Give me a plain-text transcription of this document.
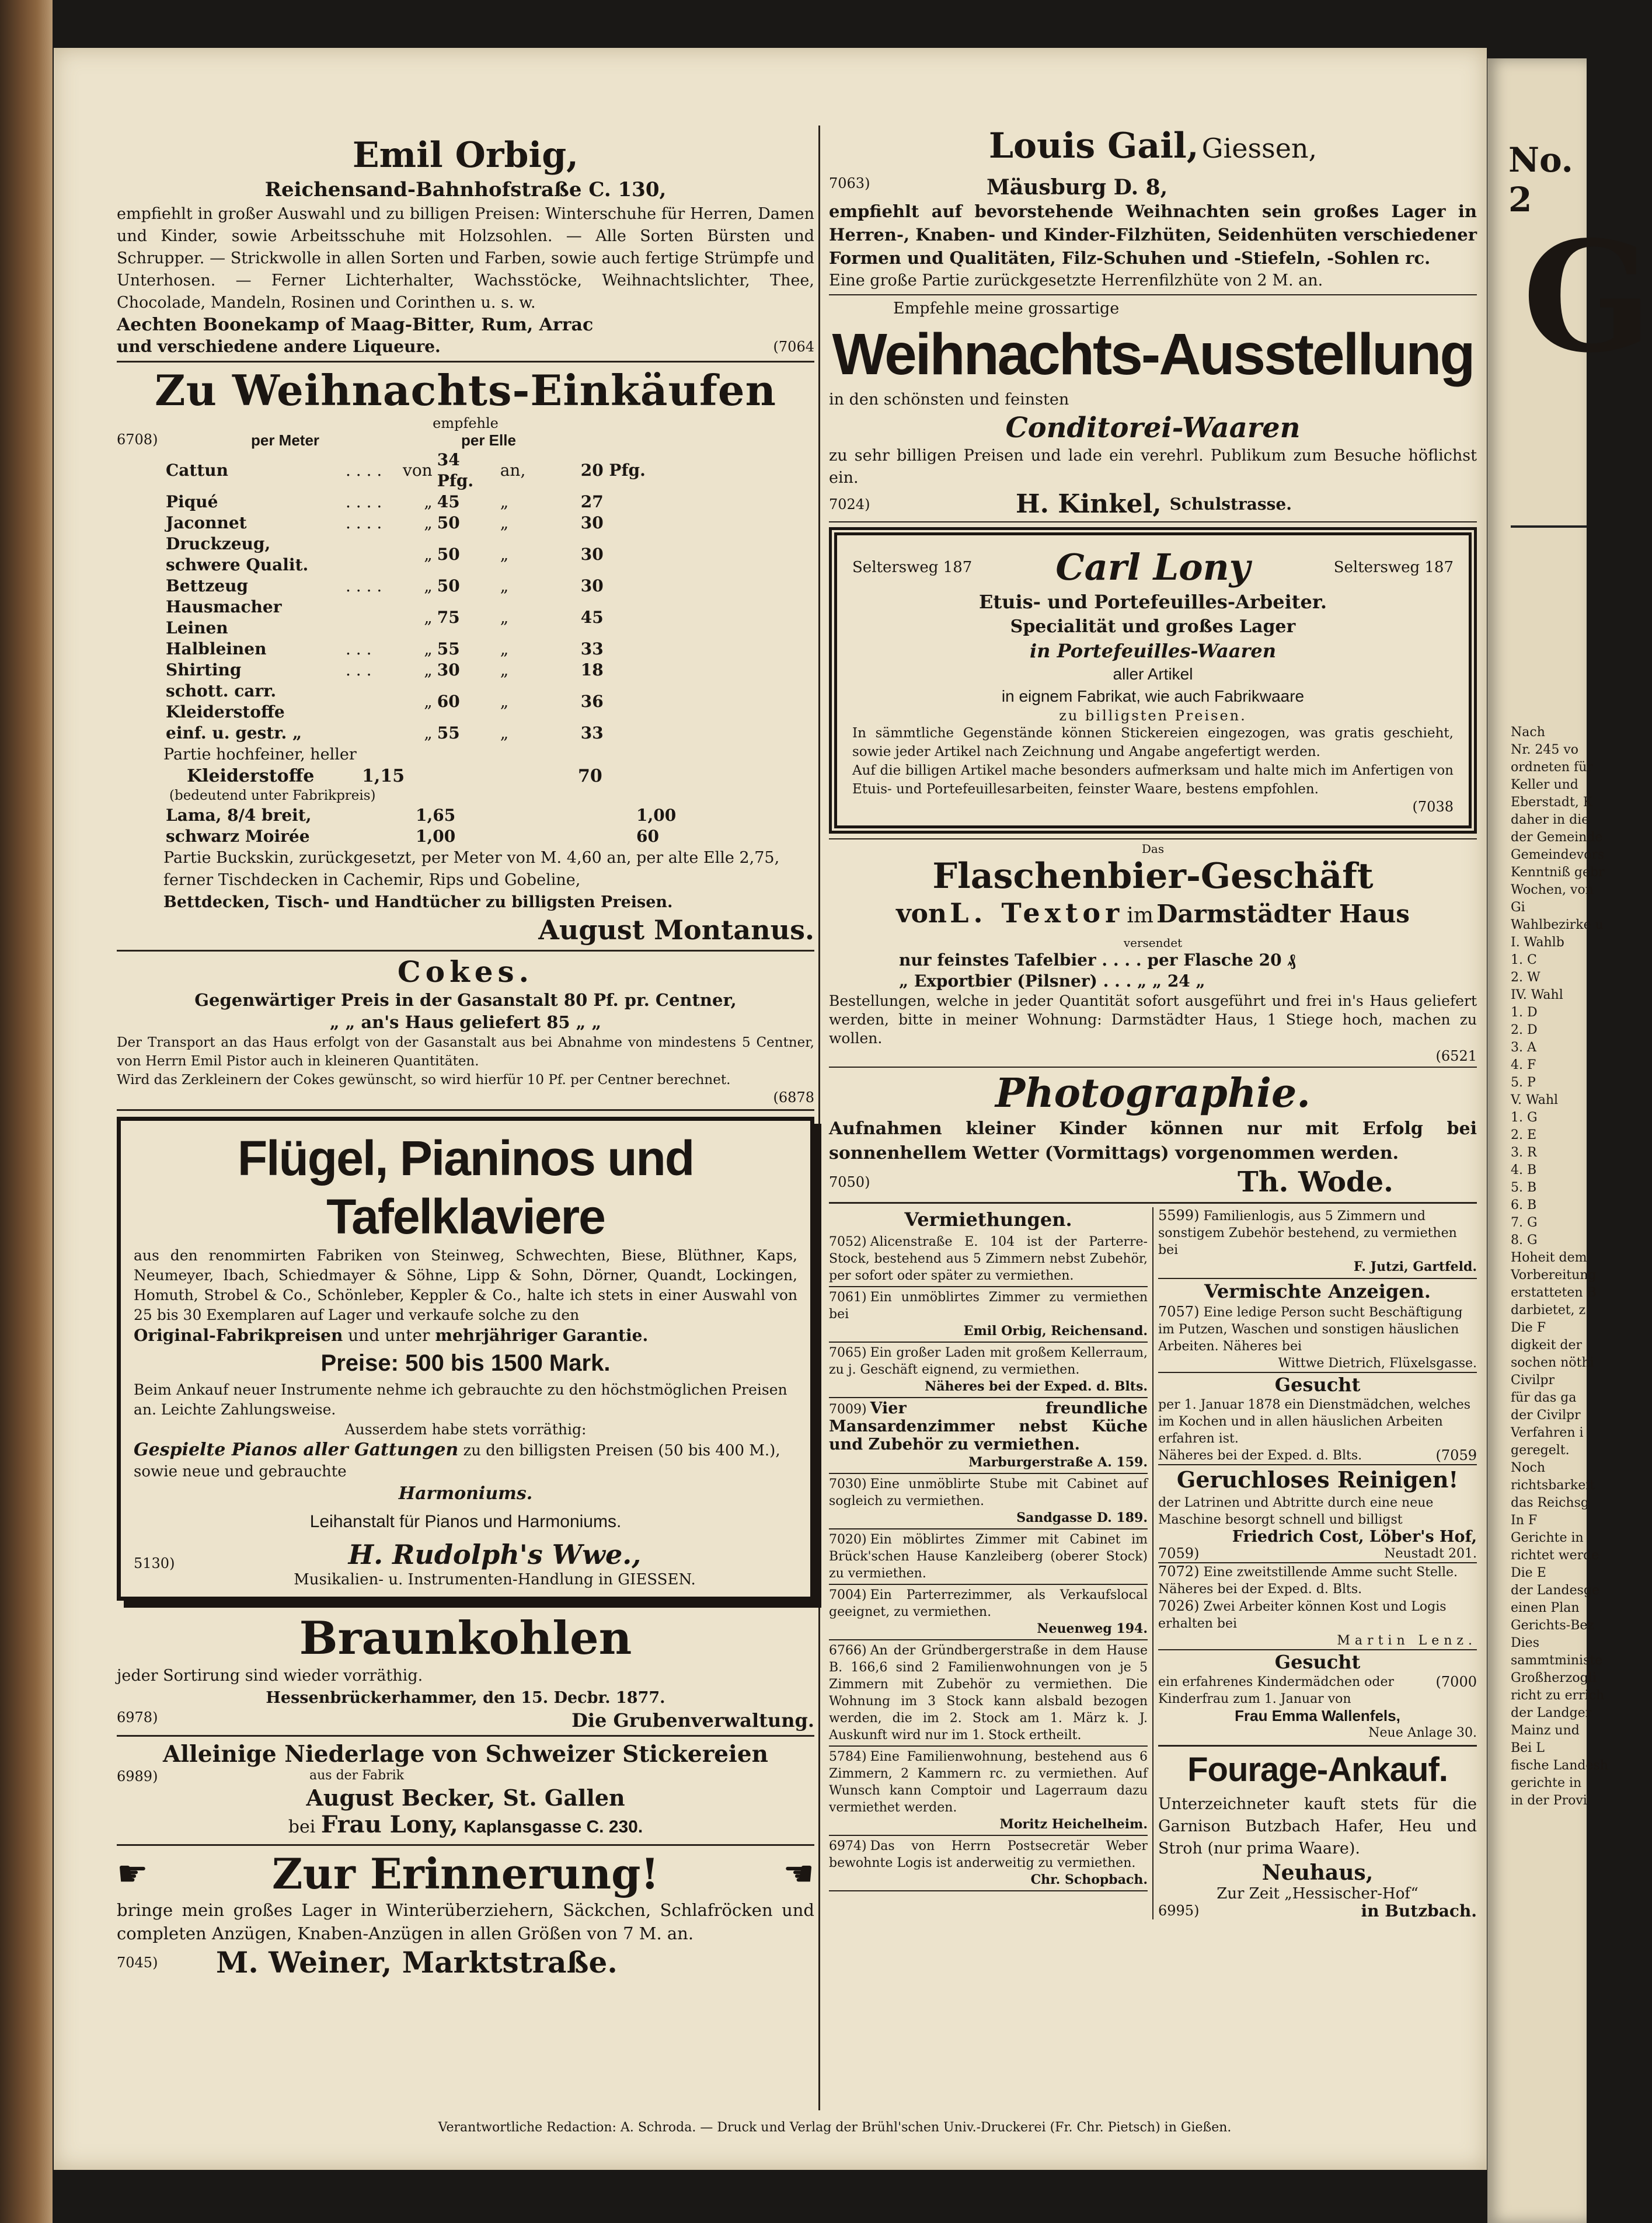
No. 2
G
Nach
Nr. 245 vo
ordneten für
Keller und
Eberstadt, K
daher in die
der Gemeinde
Gemeindevors
Kenntniß gebr
Wochen, von
Gi
Wahlbezirke u
I. Wahlb
1. C
2. W
IV. Wahl
1. D
2. D
3. A
4. F
5. P
V. Wahl
1. G
2. E
3. R
4. B
5. B
6. B
7. G
8. G
Hoheit dem
Vorbereitung
erstatteten B
darbietet, z
Die F
digkeit der
sochen nöthi
Civilpr
für das ga
der Civilpr
Verfahren i
geregelt.
Noch
richtsbarkeit
das Reichsg
In F
Gerichte in
richtet werde
Die E
der Landesge
einen Plan
Gerichts-Bez
Dies
sammtministe
Großherzogli
richt zu errich
der Landger
Mainz und
Bei L
fische Landesh
gerichte in
in der Provi
Emil Orbig,
Reichensand-Bahnhofstraße C. 130,
empfiehlt in großer Auswahl und zu billigen Preisen: Winterschuhe für Herren, Damen und Kinder, sowie Arbeitsschuhe mit Holzsohlen. — Alle Sorten Bürsten und Schrupper. — Strickwolle in allen Sorten und Farben, sowie auch fertige Strümpfe und Unterhosen. — Ferner Lichterhalter, Wachsstöcke, Weihnachtslichter, Thee, Chocolade, Mandeln, Rosinen und Corinthen u. s. w.
Aechten Boonekamp of Maag-Bitter, Rum, Arrac
und verschiedene andere Liqueure.	(7064
Zu Weihnachts-Einkäufen
empfehle
6708)	per Meter	per Elle
Cattun	. . . .	von	34 Pfg.	an,	20 Pfg.
Piqué	. . . .	„	45	„	27
Jaconnet	. . . .	„	50	„	30
Druckzeug, schwere Qualit.		„	50	„	30
Bettzeug	. . . .	„	50	„	30
Hausmacher Leinen		„	75	„	45
Halbleinen	. . .	„	55	„	33
Shirting	. . .	„	30	„	18
schott. carr. Kleiderstoffe		„	60	„	36
einf. u. gestr. „		„	55	„	33
Partie hochfeiner, heller
Kleiderstoffe	1,15	70
(bedeutend unter Fabrikpreis)
Lama, 8/4 breit,	1,65	1,00
schwarz Moirée	1,00	60
Partie Buckskin, zurückgesetzt, per Meter von M. 4,60 an, per alte Elle 2,75,
ferner Tischdecken in Cachemir, Rips und Gobeline,
Bettdecken, Tisch- und Handtücher zu billigsten Preisen.
August Montanus.
Cokes.
Gegenwärtiger Preis in der Gasanstalt 80 Pf. pr. Centner,
„ „ an's Haus geliefert 85 „ „
Der Transport an das Haus erfolgt von der Gasanstalt aus bei Abnahme von mindestens 5 Centner, von Herrn Emil Pistor auch in kleineren Quantitäten.
Wird das Zerkleinern der Cokes gewünscht, so wird hierfür 10 Pf. per Centner berechnet.
(6878
Flügel, Pianinos und Tafelklaviere
aus den renommirten Fabriken von Steinweg, Schwechten, Biese, Blüthner, Kaps, Neumeyer, Ibach, Schiedmayer & Söhne, Lipp & Sohn, Dörner, Quandt, Lockingen, Homuth, Strobel & Co., Schönleber, Keppler & Co., halte ich stets in einer Auswahl von 25 bis 30 Exemplaren auf Lager und verkaufe solche zu den
Original-Fabrikpreisen und unter mehrjähriger Garantie.
Preise: 500 bis 1500 Mark.
Beim Ankauf neuer Instrumente nehme ich gebrauchte zu den höchstmöglichen Preisen an. Leichte Zahlungsweise.
Ausserdem habe stets vorräthig:
Gespielte Pianos aller Gattungen zu den billigsten Preisen (50 bis 400 M.), sowie neue und gebrauchte
Harmoniums.
Leihanstalt für Pianos und Harmoniums.
5130)	H. Rudolph's Wwe.,
Musikalien- u. Instrumenten-Handlung in GIESSEN.
Braunkohlen
jeder Sortirung sind wieder vorräthig.
Hessenbrückerhammer, den 15. Decbr. 1877.
6978)	Die Grubenverwaltung.
Alleinige Niederlage von Schweizer Stickereien
6989)	aus der Fabrik
August Becker, St. Gallen
bei Frau Lony, Kaplansgasse C. 230.
☛	Zur Erinnerung!	☚
bringe mein großes Lager in Winterüberziehern, Säckchen, Schlafröcken und completen Anzügen, Knaben-Anzügen in allen Größen von 7 M. an.
7045)	M. Weiner, Marktstraße.
Louis Gail, Giessen,
7063)	Mäusburg D. 8,
empfiehlt auf bevorstehende Weihnachten sein großes Lager in Herren-, Knaben- und Kinder-Filzhüten, Seidenhüten verschiedener Formen und Qualitäten, Filz-Schuhen und -Stiefeln, -Sohlen rc.
Eine große Partie zurückgesetzte Herrenfilzhüte von 2 M. an.
Empfehle meine grossartige
Weihnachts-Ausstellung
in den schönsten und feinsten
Conditorei-Waaren
zu sehr billigen Preisen und lade ein verehrl. Publikum zum Besuche höflichst ein.
7024)	H. Kinkel, Schulstrasse.
Seltersweg 187 Carl Lony	Seltersweg 187
Etuis- und Portefeuilles-Arbeiter.
Specialität und großes Lager
in Portefeuilles-Waaren
aller Artikel
in eignem Fabrikat, wie auch Fabrikwaare
zu billigsten Preisen.
In sämmtliche Gegenstände können Stickereien eingezogen, was gratis geschieht, sowie jeder Artikel nach Zeichnung und Angabe angefertigt werden.
Auf die billigen Artikel mache besonders aufmerksam und halte mich im Anfertigen von Etuis- und Portefeuillesarbeiten, feinster Waare, bestens empfohlen.
(7038
Das
Flaschenbier-Geschäft
von L. Textor im Darmstädter Haus
versendet
nur feinstes Tafelbier . . . . per Flasche 20 ₰
„ Exportbier (Pilsner) . . . „ „ 24 „
Bestellungen, welche in jeder Quantität sofort ausgeführt und frei in's Haus geliefert werden, bitte in meiner Wohnung: Darmstädter Haus, 1 Stiege hoch, machen zu wollen.
(6521
Photographie.
Aufnahmen kleiner Kinder können nur mit Erfolg bei sonnenhellem Wetter (Vormittags) vorgenommen werden.
7050)	Th. Wode.
Vermiethungen.
7052) Alicenstraße E. 104 ist der Parterre-Stock, bestehend aus 5 Zimmern nebst Zubehör, per sofort oder später zu vermiethen.
7061) Ein unmöblirtes Zimmer zu vermiethen bei
Emil Orbig, Reichensand.
7065) Ein großer Laden mit großem Kellerraum, zu j. Geschäft eignend, zu vermiethen.
Näheres bei der Exped. d. Blts.
7009) Vier freundliche Mansardenzimmer nebst Küche und Zubehör zu vermiethen.
Marburgerstraße A. 159.
7030) Eine unmöblirte Stube mit Cabinet auf sogleich zu vermiethen.
Sandgasse D. 189.
7020) Ein möblirtes Zimmer mit Cabinet im Brück'schen Hause Kanzleiberg (oberer Stock) zu vermiethen.
7004) Ein Parterrezimmer, als Verkaufslocal geeignet, zu vermiethen.
Neuenweg 194.
6766) An der Gründbergerstraße in dem Hause B. 166,6 sind 2 Familienwohnungen von je 5 Zimmern mit Zubehör zu vermiethen. Die Wohnung im 3 Stock kann alsbald bezogen werden, die im 2. Stock am 1. März k. J. Auskunft wird nur im 1. Stock ertheilt.
5784) Eine Familienwohnung, bestehend aus 6 Zimmern, 2 Kammern rc. zu vermiethen. Auf Wunsch kann Comptoir und Lagerraum dazu vermiethet werden.
Moritz Heichelheim.
6974) Das von Herrn Postsecretär Weber bewohnte Logis ist anderweitig zu vermiethen.
Chr. Schopbach.
5599) Familienlogis, aus 5 Zimmern und sonstigem Zubehör bestehend, zu vermiethen bei
F. Jutzi, Gartfeld.
Vermischte Anzeigen.
7057) Eine ledige Person sucht Beschäftigung im Putzen, Waschen und sonstigen häuslichen Arbeiten. Näheres bei
Wittwe Dietrich, Flüxelsgasse.
Gesucht
per 1. Januar 1878 ein Dienstmädchen, welches im Kochen und in allen häuslichen Arbeiten erfahren ist.
Näheres bei der Exped. d. Blts.	(7059
Geruchloses Reinigen!
der Latrinen und Abtritte durch eine neue Maschine besorgt schnell und billigst
Friedrich Cost, Löber's Hof,
7059)	Neustadt 201.
7072) Eine zweitstillende Amme sucht Stelle. Näheres bei der Exped. d. Blts.
7026) Zwei Arbeiter können Kost und Logis erhalten bei
Martin Lenz.
Gesucht
ein erfahrenes Kindermädchen oder Kinderfrau zum 1. Januar von
(7000
Frau Emma Wallenfels,
Neue Anlage 30.
Fourage-Ankauf.
Unterzeichneter kauft stets für die Garnison Butzbach Hafer, Heu und Stroh (nur prima Waare).
Neuhaus,
Zur Zeit „Hessischer-Hof“
6995)	in Butzbach.
Verantwortliche Redaction: A. Schroda. — Druck und Verlag der Brühl'schen Univ.-Druckerei (Fr. Chr. Pietsch) in Gießen.
